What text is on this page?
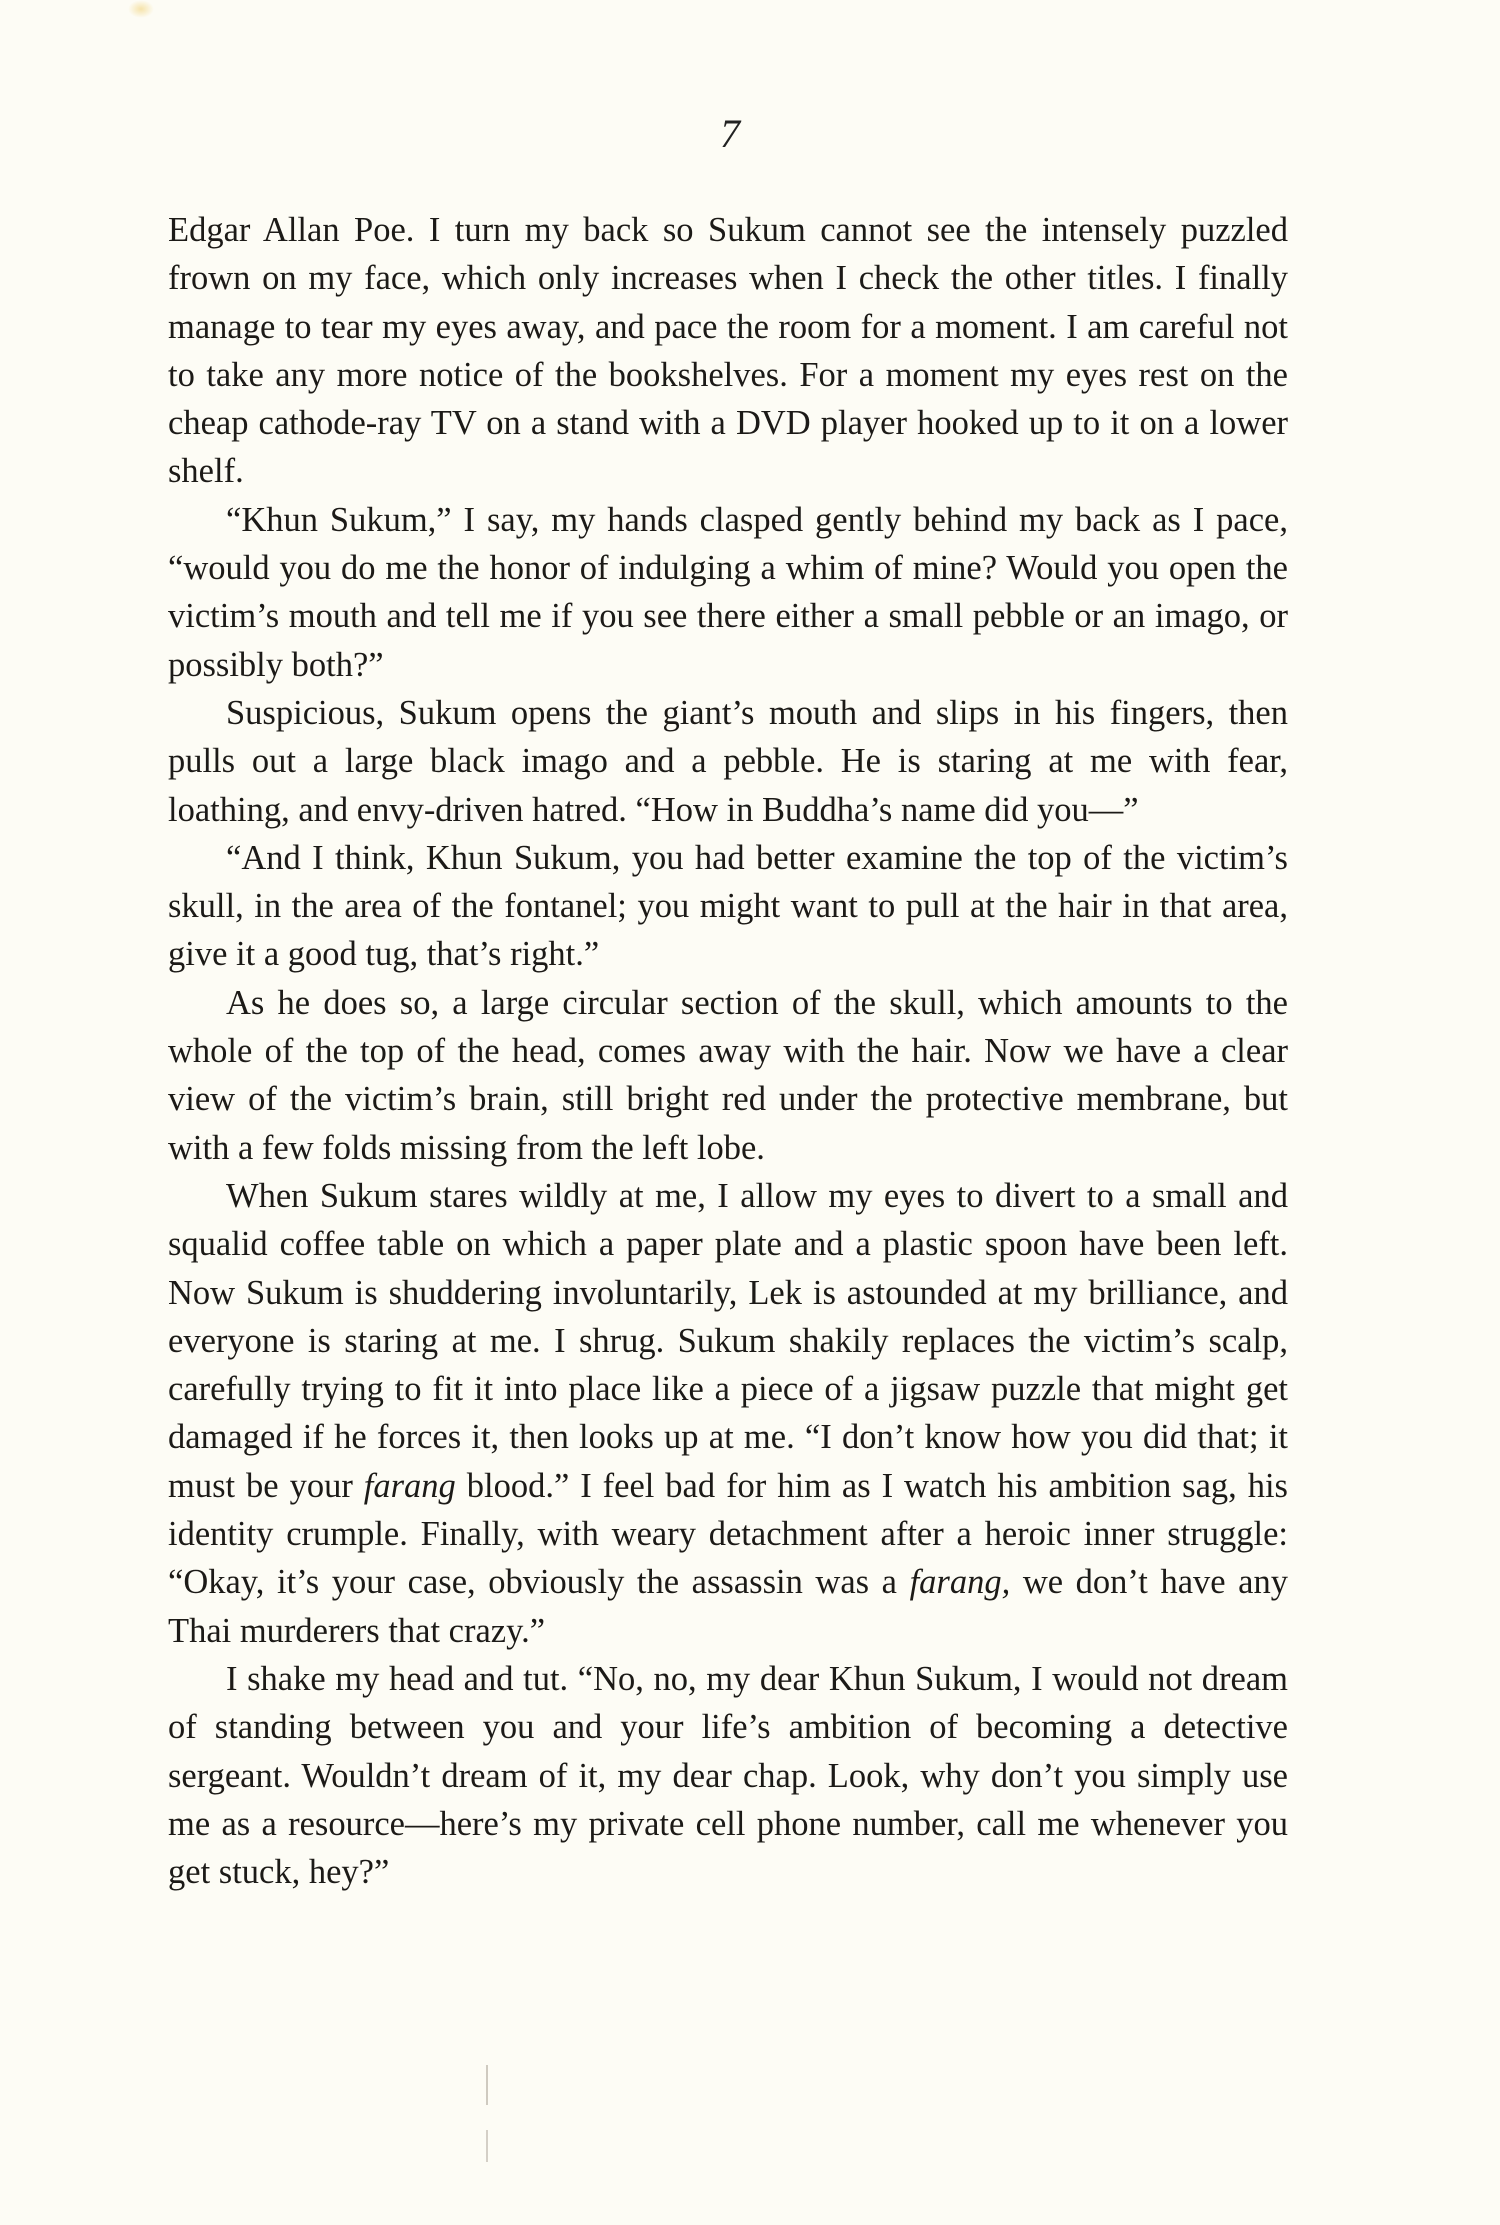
7

Edgar Allan Poe. I turn my back so Sukum cannot see the intensely puzzled frown on my face, which only increases when I check the other titles. I finally manage to tear my eyes away, and pace the room for a moment. I am careful not to take any more notice of the bookshelves. For a moment my eyes rest on the cheap cathode-ray TV on a stand with a DVD player hooked up to it on a lower shelf.

“Khun Sukum,” I say, my hands clasped gently behind my back as I pace, “would you do me the honor of indulging a whim of mine? Would you open the victim’s mouth and tell me if you see there either a small pebble or an imago, or possibly both?”

Suspicious, Sukum opens the giant’s mouth and slips in his fingers, then pulls out a large black imago and a pebble. He is staring at me with fear, loathing, and envy-driven hatred. “How in Buddha’s name did you—”

“And I think, Khun Sukum, you had better examine the top of the victim’s skull, in the area of the fontanel; you might want to pull at the hair in that area, give it a good tug, that’s right.”

As he does so, a large circular section of the skull, which amounts to the whole of the top of the head, comes away with the hair. Now we have a clear view of the victim’s brain, still bright red under the protective membrane, but with a few folds missing from the left lobe.

When Sukum stares wildly at me, I allow my eyes to divert to a small and squalid coffee table on which a paper plate and a plastic spoon have been left. Now Sukum is shuddering involuntarily, Lek is astounded at my brilliance, and everyone is staring at me. I shrug. Sukum shakily replaces the victim’s scalp, carefully trying to fit it into place like a piece of a jigsaw puzzle that might get damaged if he forces it, then looks up at me. “I don’t know how you did that; it must be your farang blood.” I feel bad for him as I watch his ambition sag, his identity crumple. Finally, with weary detachment after a heroic inner struggle: “Okay, it’s your case, obviously the assassin was a farang, we don’t have any Thai murderers that crazy.”

I shake my head and tut. “No, no, my dear Khun Sukum, I would not dream of standing between you and your life’s ambition of becoming a detective sergeant. Wouldn’t dream of it, my dear chap. Look, why don’t you simply use me as a resource—here’s my private cell phone number, call me whenever you get stuck, hey?”
